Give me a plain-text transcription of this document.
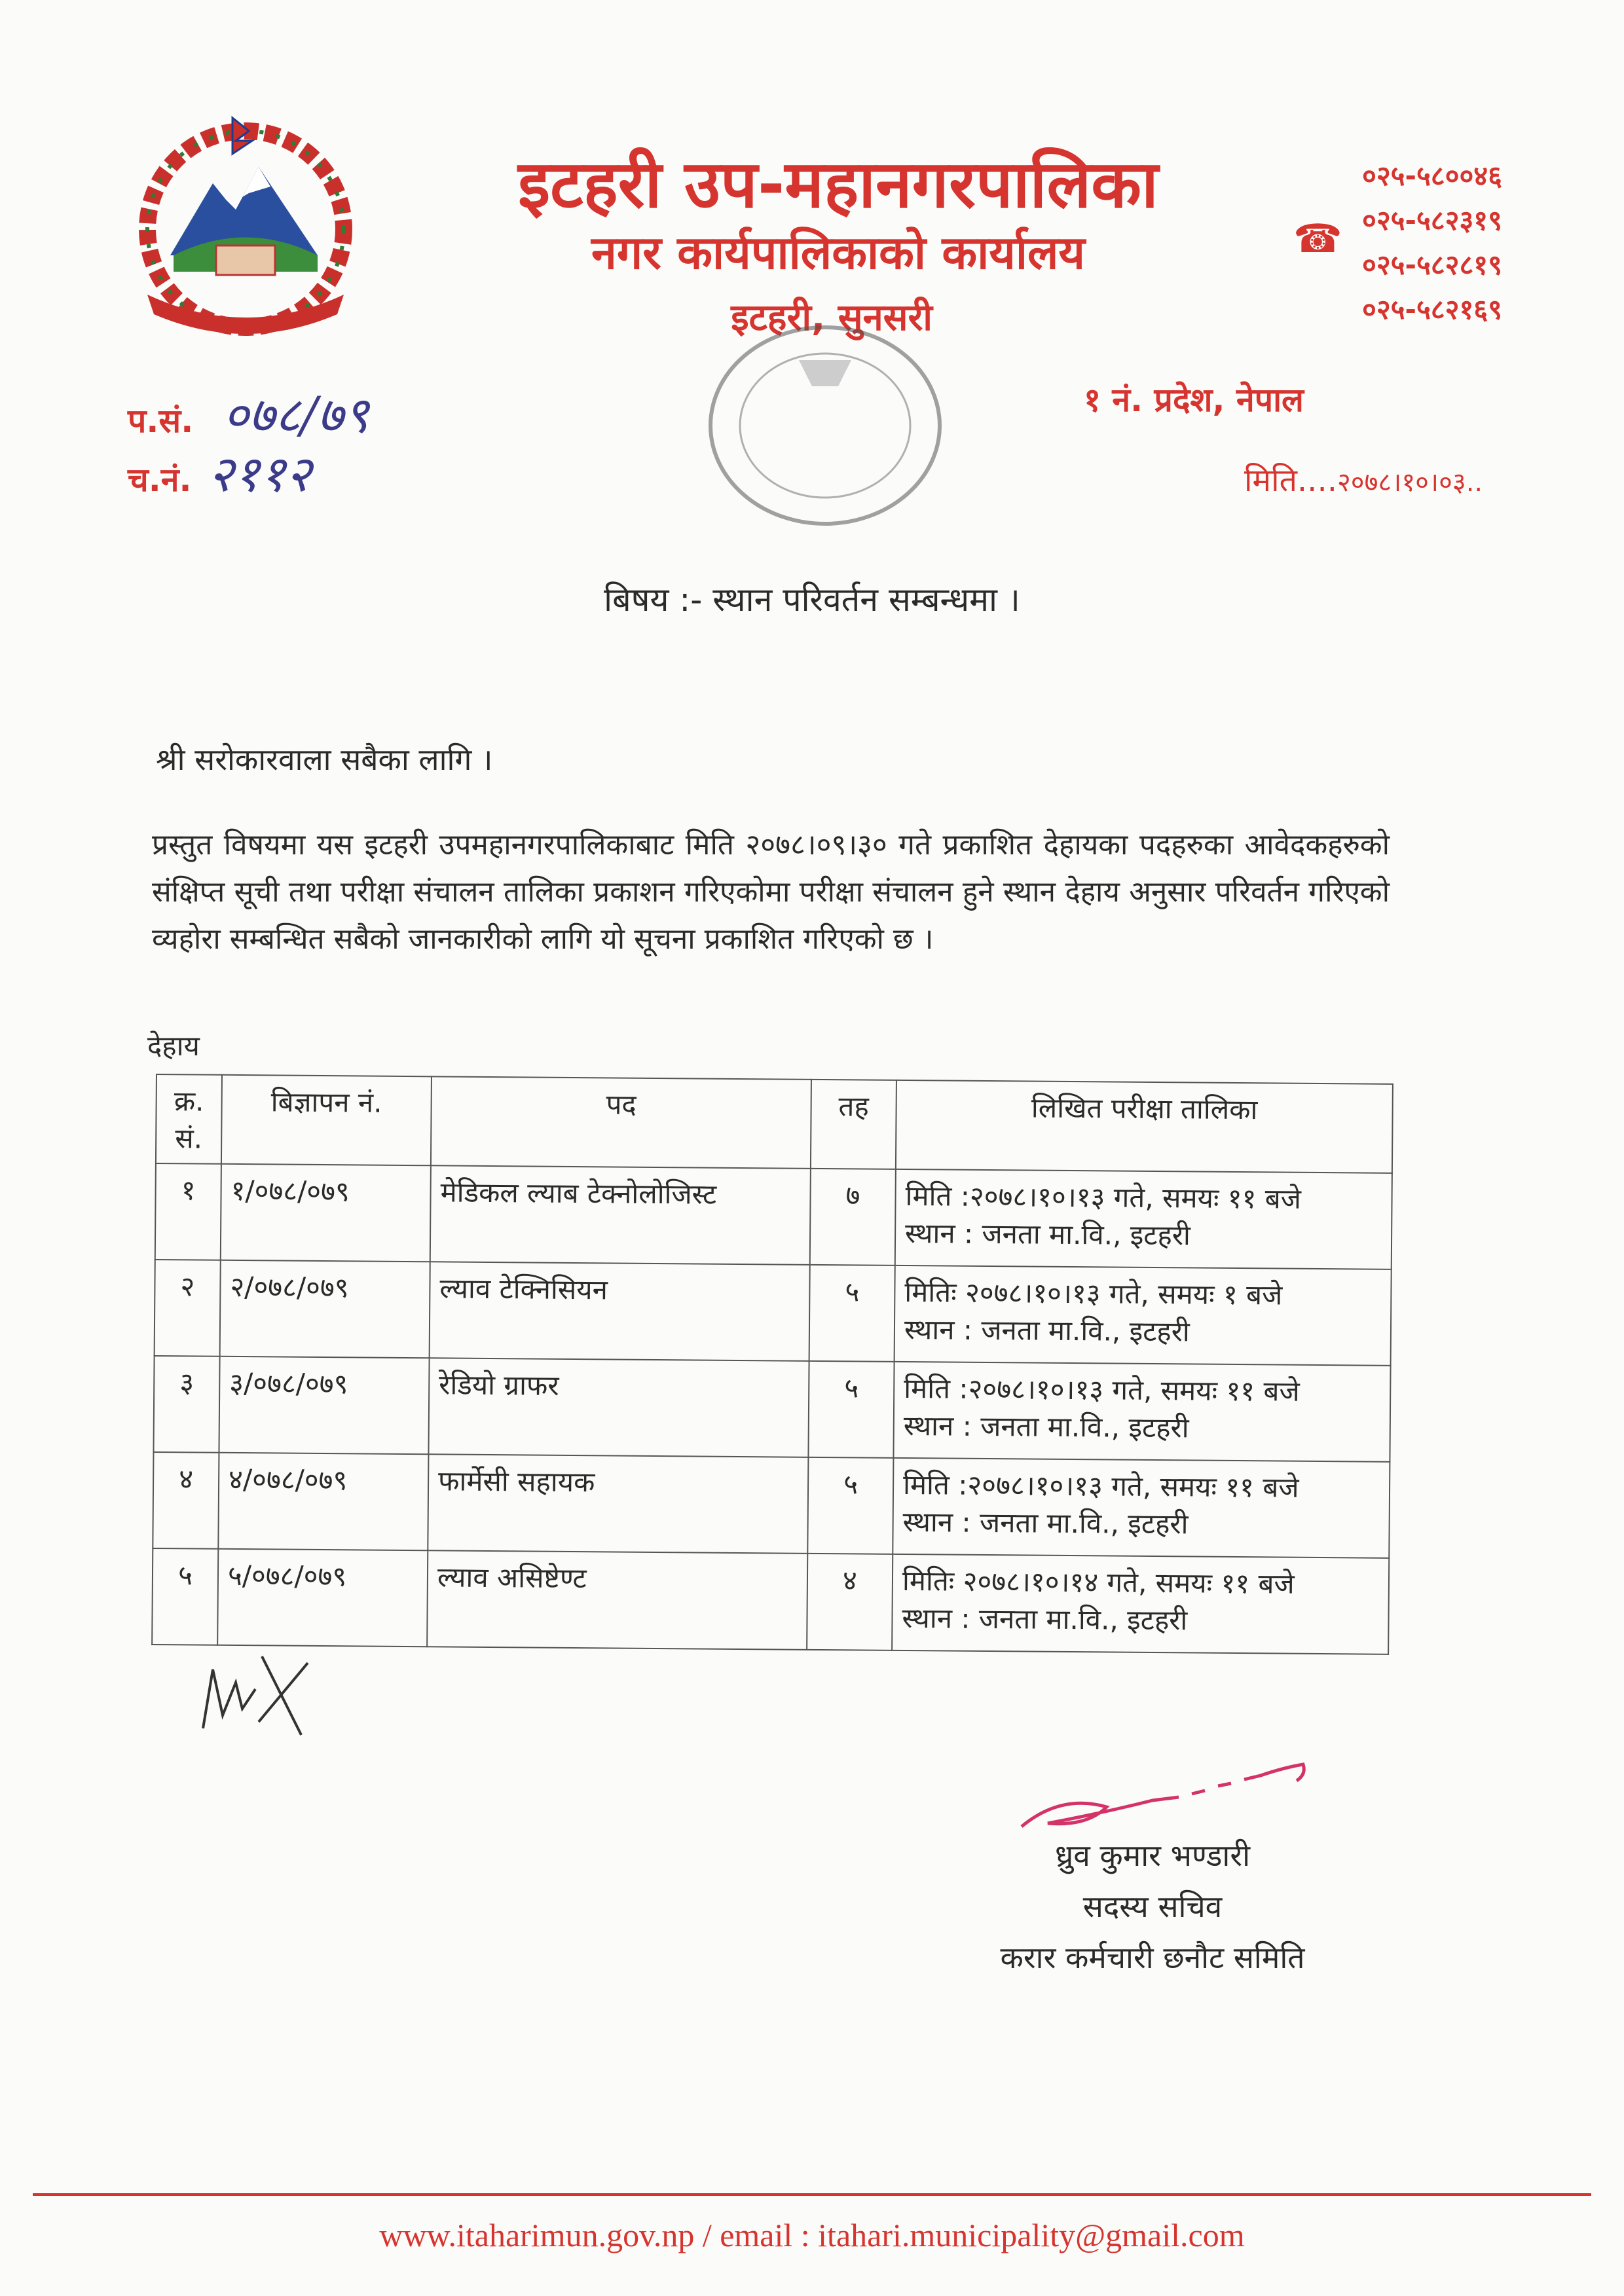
इटहरी उप-महानगरपालिका
नगर कार्यपालिकाको कार्यालय
इटहरी, सुनसरी
☎
०२५-५८००४६
०२५-५८२३१९
०२५-५८२८१९
०२५-५८२१६९
१ नं. प्रदेश, नेपाल
मिति....२०७८।१०।०३..
प.सं. ०७८/७९
च.नं. २११२
बिषय :- स्थान परिवर्तन सम्बन्धमा ।
श्री सरोकारवाला सबैका लागि ।
प्रस्तुत विषयमा यस इटहरी उपमहानगरपालिकाबाट मिति २०७८।०९।३० गते प्रकाशित देहायका पदहरुका आवेदकहरुको संक्षिप्त सूची तथा परीक्षा संचालन तालिका प्रकाशन गरिएकोमा परीक्षा संचालन हुने स्थान देहाय अनुसार परिवर्तन गरिएको व्यहोरा सम्बन्धित सबैको जानकारीको लागि यो सूचना प्रकाशित गरिएको छ ।
देहाय
क्र. सं.	बिज्ञापन नं.	पद	तह	लिखित परीक्षा तालिका
१	१/०७८/०७९	मेडिकल ल्याब टेक्नोलोजिस्ट	७	मिति :२०७८।१०।१३ गते, समयः ११ बजे
स्थान : जनता मा.वि., इटहरी

२	२/०७८/०७९	ल्याव टेक्निसियन	५	मितिः २०७८।१०।१३ गते, समयः १ बजे
स्थान : जनता मा.वि., इटहरी

३	३/०७८/०७९	रेडियो ग्राफर	५	मिति :२०७८।१०।१३ गते, समयः ११ बजे
स्थान : जनता मा.वि., इटहरी

४	४/०७८/०७९	फार्मेसी सहायक	५	मिति :२०७८।१०।१३ गते, समयः ११ बजे
स्थान : जनता मा.वि., इटहरी

५	५/०७८/०७९	ल्याव असिष्टेण्ट	४	मितिः २०७८।१०।१४ गते, समयः ११ बजे
स्थान : जनता मा.वि., इटहरी
ध्रुव कुमार भण्डारी
सदस्य सचिव
करार कर्मचारी छनौट समिति
www.itaharimun.gov.np / email : itahari.municipality@gmail.com
